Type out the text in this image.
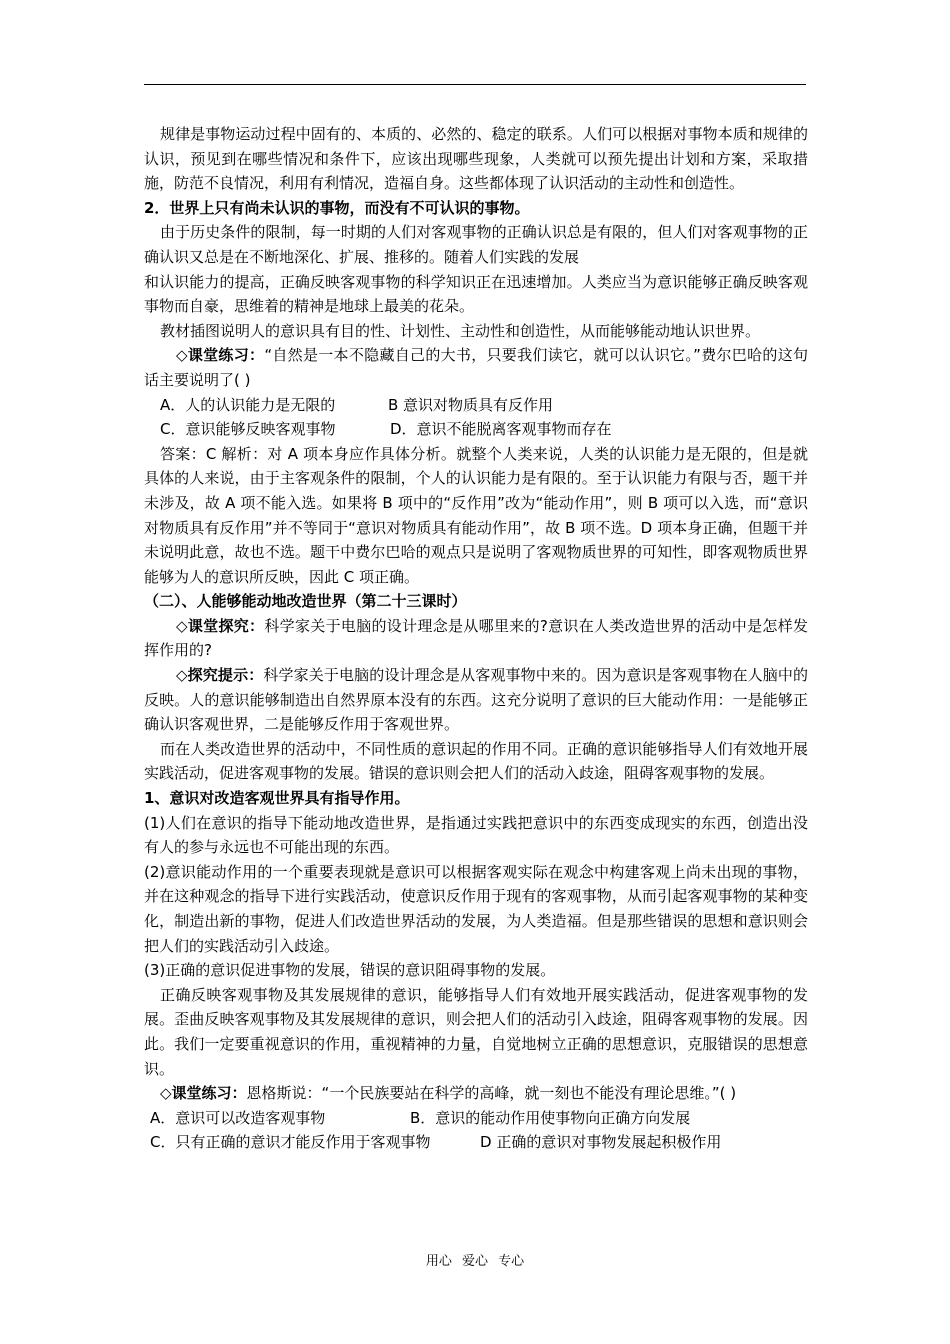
规律是事物运动过程中固有的、本质的、必然的、稳定的联系。人们可以根据对事物本质和规律的认识，预见到在哪些情况和条件下，应该出现哪些现象，人类就可以预先提出计划和方案，采取措施，防范不良情况，利用有利情况，造福自身。这些都体现了认识活动的主动性和创造性。

2．世界上只有尚未认识的事物，而没有不可认识的事物。

由于历史条件的限制，每一时期的人们对客观事物的正确认识总是有限的，但人们对客观事物的正确认识又总是在不断地深化、扩展、推移的。随着人们实践的发展

和认识能力的提高，正确反映客观事物的科学知识正在迅速增加。人类应当为意识能够正确反映客观事物而自豪，思维着的精神是地球上最美的花朵。

教材插图说明人的意识具有目的性、计划性、主动性和创造性，从而能够能动地认识世界。

◇课堂练习：“自然是一本不隐藏自己的大书，只要我们读它，就可以认识它。”费尔巴哈的这句话主要说明了( )

A．人的认识能力是无限的	B 意识对物质具有反作用

C．意识能够反映客观事物	D．意识不能脱离客观事物而存在

答案：C 解析：对 A 项本身应作具体分析。就整个人类来说，人类的认识能力是无限的，但是就具体的人来说，由于主客观条件的限制，个人的认识能力是有限的。至于认识能力有限与否，题干并未涉及，故 A 项不能入选。如果将 B 项中的“反作用”改为“能动作用”，则 B 项可以入选，而“意识对物质具有反作用”并不等同于“意识对物质具有能动作用”，故 B 项不选。D 项本身正确，但题干并未说明此意，故也不选。题干中费尔巴哈的观点只是说明了客观物质世界的可知性，即客观物质世界能够为人的意识所反映，因此 C 项正确。

（二）、人能够能动地改造世界（第二十三课时）

◇课堂探究：科学家关于电脑的设计理念是从哪里来的?意识在人类改造世界的活动中是怎样发挥作用的?

◇探究提示：科学家关于电脑的设计理念是从客观事物中来的。因为意识是客观事物在人脑中的反映。人的意识能够制造出自然界原本没有的东西。这充分说明了意识的巨大能动作用：一是能够正确认识客观世界，二是能够反作用于客观世界。

而在人类改造世界的活动中，不同性质的意识起的作用不同。正确的意识能够指导人们有效地开展实践活动，促进客观事物的发展。错误的意识则会把人们的活动入歧途，阻碍客观事物的发展。

1、意识对改造客观世界具有指导作用。

(1)人们在意识的指导下能动地改造世界，是指通过实践把意识中的东西变成现实的东西，创造出没有人的参与永远也不可能出现的东西。

(2)意识能动作用的一个重要表现就是意识可以根据客观实际在观念中构建客观上尚未出现的事物，并在这种观念的指导下进行实践活动，使意识反作用于现有的客观事物，从而引起客观事物的某种变化，制造出新的事物，促进人们改造世界活动的发展，为人类造福。但是那些错误的思想和意识则会把人们的实践活动引入歧途。

(3)正确的意识促进事物的发展，错误的意识阻碍事物的发展。

正确反映客观事物及其发展规律的意识，能够指导人们有效地开展实践活动，促进客观事物的发展。歪曲反映客观事物及其发展规律的意识，则会把人们的活动引入歧途，阻碍客观事物的发展。因此。我们一定要重视意识的作用，重视精神的力量，自觉地树立正确的思想意识，克服错误的思想意识。

◇课堂练习：恩格斯说：“一个民族要站在科学的高峰，就一刻也不能没有理论思维。”( )

A．意识可以改造客观事物	B．意识的能动作用使事物向正确方向发展

C．只有正确的意识才能反作用于客观事物	D 正确的意识对事物发展起积极作用

用心 爱心 专心
